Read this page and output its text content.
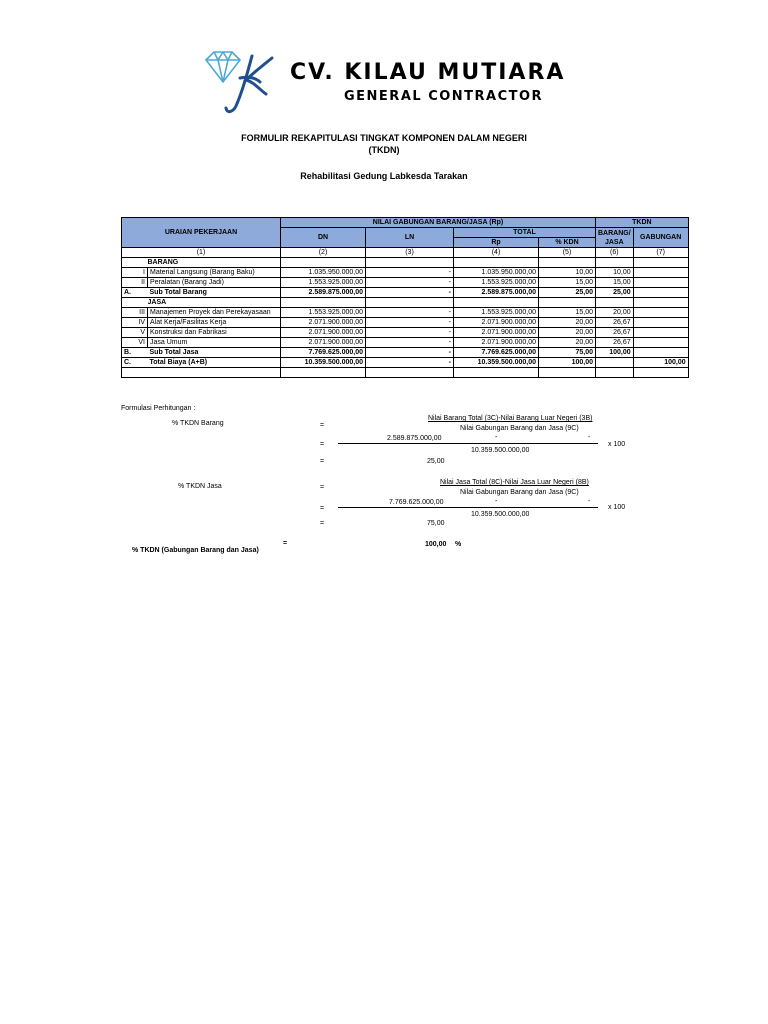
CV. KILAU MUTIARA
GENERAL CONTRACTOR
FORMULIR REKAPITULASI TINGKAT KOMPONEN DALAM NEGERI
(TKDN)
Rehabilitasi Gedung Labkesda Tarakan
URAIAN PEKERJAAN		NILAI GABUNGAN BARANG/JASA (Rp)				TKDN	
		DN	LN	TOTAL		BARANG/
JASA	GABUNGAN
				Rp	% KDN		
(1)		(2)	(3)	(4)	(5)	(6)	(7)
	BARANG						
I	Material Langsung (Barang Baku)	1.035.950.000,00	-	1.035.950.000,00	10,00	10,00	
II	Peralatan (Barang Jadi)	1.553.925.000,00	-	1.553.925.000,00	15,00	15,00	
A.	Sub Total Barang	2.589.875.000,00	-	2.589.875.000,00	25,00	25,00	
	JASA						
III	Manajemen Proyek dan Perekayasaan	1.553.925.000,00	-	1.553.925.000,00	15,00	20,00	
IV	Alat Kerja/Fasilitas Kerja	2.071.900.000,00	-	2.071.900.000,00	20,00	26,67	
V	Konstruksi dan Fabrikasi	2.071.900.000,00	-	2.071.900.000,00	20,00	26,67	
VI	Jasa Umum	2.071.900.000,00	-	2.071.900.000,00	20,00	26,67	
B.	Sub Total Jasa	7.769.625.000,00	-	7.769.625.000,00	75,00	100,00	
C.	Total Biaya (A+B)	10.359.500.000,00	-	10.359.500.000,00	100,00		100,00

Formulasi Perhitungan :
% TKDN Barang	=
Nilai Barang Total (3C)-Nilai Barang Luar Negeri (3B)
Nilai Gabungan Barang dan Jasa (9C)
=
2.589.875.000,00	-	-
x 100
10.359.500.000,00
=	25,00
% TKDN Jasa	=
Nilai Jasa Total (8C)-Nilai Jasa Luar Negeri (8B)
Nilai Gabungan Barang dan Jasa (9C)
=
7.769.625.000,00	-	-
x 100
10.359.500.000,00
=	75,00
% TKDN (Gabungan Barang dan Jasa)
=	100,00 %
